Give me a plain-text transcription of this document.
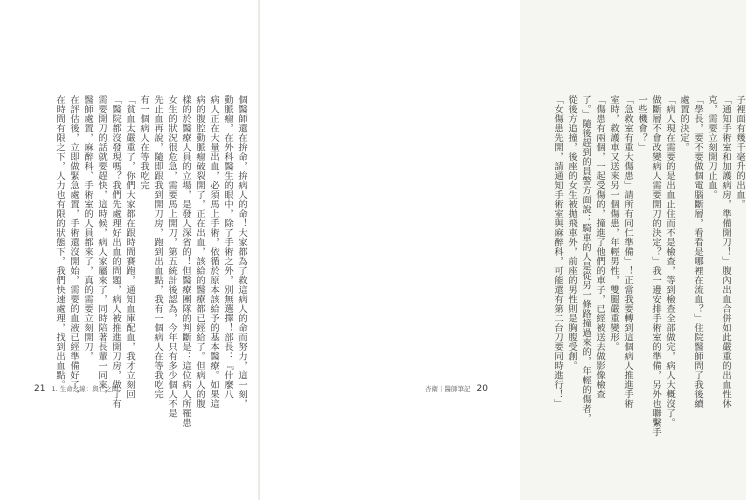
個醫師還在拚命，拚病人的命！大家都為了救這病人的命而努力，這一刻，
動脈瘤，在外科醫生的眼中，除了手術之外，別無選擇！部長：『什麼八
病人正在大量出血，必須馬上手術，依循於原本該給予的基本醫療。如果這
病的腹腔動脈瘤破裂開了，正在出血，該給的醫療都已經給了。但病人的腹
樣的於醫療人員的立場，是發人深省的！但醫療團隊的判斷是：這位病人所罹患
女生的狀況很危急，需要馬上開刀，第五統計後認為，今年只有多少個人不是
先止血再說，隨即跟我到開刀房，跑到出血點，我有一個病人在等我吃完
有一個病人在等我吃完
「貧血太嚴重了，你們大家都在跟時間賽跑，通知血庫配血，我才立刻回
「醫院都沒發現嗎？我們先處理好出血的問題，病人被推進開刀房，做了有
需要開刀的話就要趕快，這時候，病人家屬來了，同時陪著長輩一同來，
醫師處置，麻醉科、手術室的人員都來了，真的需要立刻開刀，
在評估後，立即做緊急處置，手術還沒開始，需要的血液已經準備好了，
在時間有限之下，人力也有限的狀態下，我們快速處理，找到出血點。
21 1. 生命之線：與亡之間
子裡面有幾千毫升的出血。
「通知手術室和加護病房，準備開刀！」腹內出血合併如此嚴重的出血性休
克，需要立刻開刀止血。
「學長，要不要做個電腦斷層，看看是哪裡在流血？」住院醫師問了我後續
處置的決定。
「病人現在需要的是出血止住而不是檢查，等到檢查全部做完，病人大概沒了。
做斷層不會改變病人需要開刀的決定？」我一邊安排手術室的準備，另外也聯繫手
一些機會？」
「急救室有重大傷患」請所有同仁準備」！正當我要轉到這個病人推進手術
室時，救護車又送來另一個傷患，年輕男性，雙腿嚴重變形。
「傷患有兩個，一起受傷的，撞進了他們的車子，已經被送去做影像檢查
了。」隨後趕到的員警方面說：騎車的人是從另一條路撞過來的，年輕的傷者，
從後方追撞，後座的女生被拋飛車外，前座的男性則是胸腹受創。
「女傷患先開，請通知手術室與麻醉科，可能還有第二台刀要同時進行！」
杏衛｜醫師筆記 20
